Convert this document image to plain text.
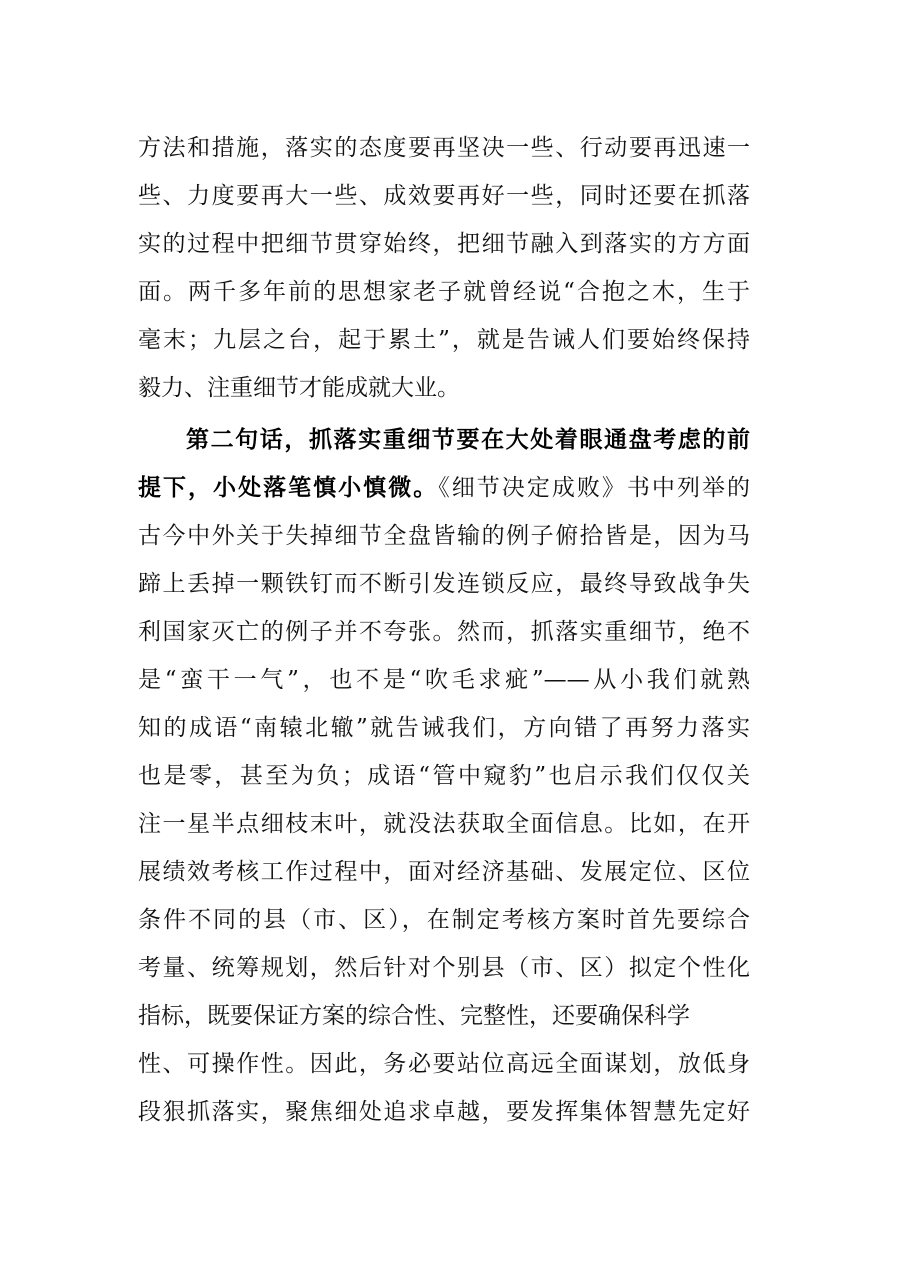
方法和措施，落实的态度要再坚决一些、行动要再迅速一
些、力度要再大一些、成效要再好一些，同时还要在抓落
实的过程中把细节贯穿始终，把细节融入到落实的方方面
面。两千多年前的思想家老子就曾经说“合抱之木，生于
毫末；九层之台，起于累土”，就是告诫人们要始终保持
毅力、注重细节才能成就大业。
第二句话，抓落实重细节要在大处着眼通盘考虑的前
提下，小处落笔慎小慎微。《细节决定成败》书中列举的
古今中外关于失掉细节全盘皆输的例子俯拾皆是，因为马
蹄上丢掉一颗铁钉而不断引发连锁反应，最终导致战争失
利国家灭亡的例子并不夸张。然而，抓落实重细节，绝不
是“蛮干一气”，也不是“吹毛求疵”——从小我们就熟
知的成语“南辕北辙”就告诫我们，方向错了再努力落实
也是零，甚至为负；成语“管中窥豹”也启示我们仅仅关
注一星半点细枝末叶，就没法获取全面信息。比如，在开
展绩效考核工作过程中，面对经济基础、发展定位、区位
条件不同的县（市、区），在制定考核方案时首先要综合
考量、统筹规划，然后针对个别县（市、区）拟定个性化
指标，既要保证方案的综合性、完整性，还要确保科学
性、可操作性。因此，务必要站位高远全面谋划，放低身
段狠抓落实，聚焦细处追求卓越，要发挥集体智慧先定好
